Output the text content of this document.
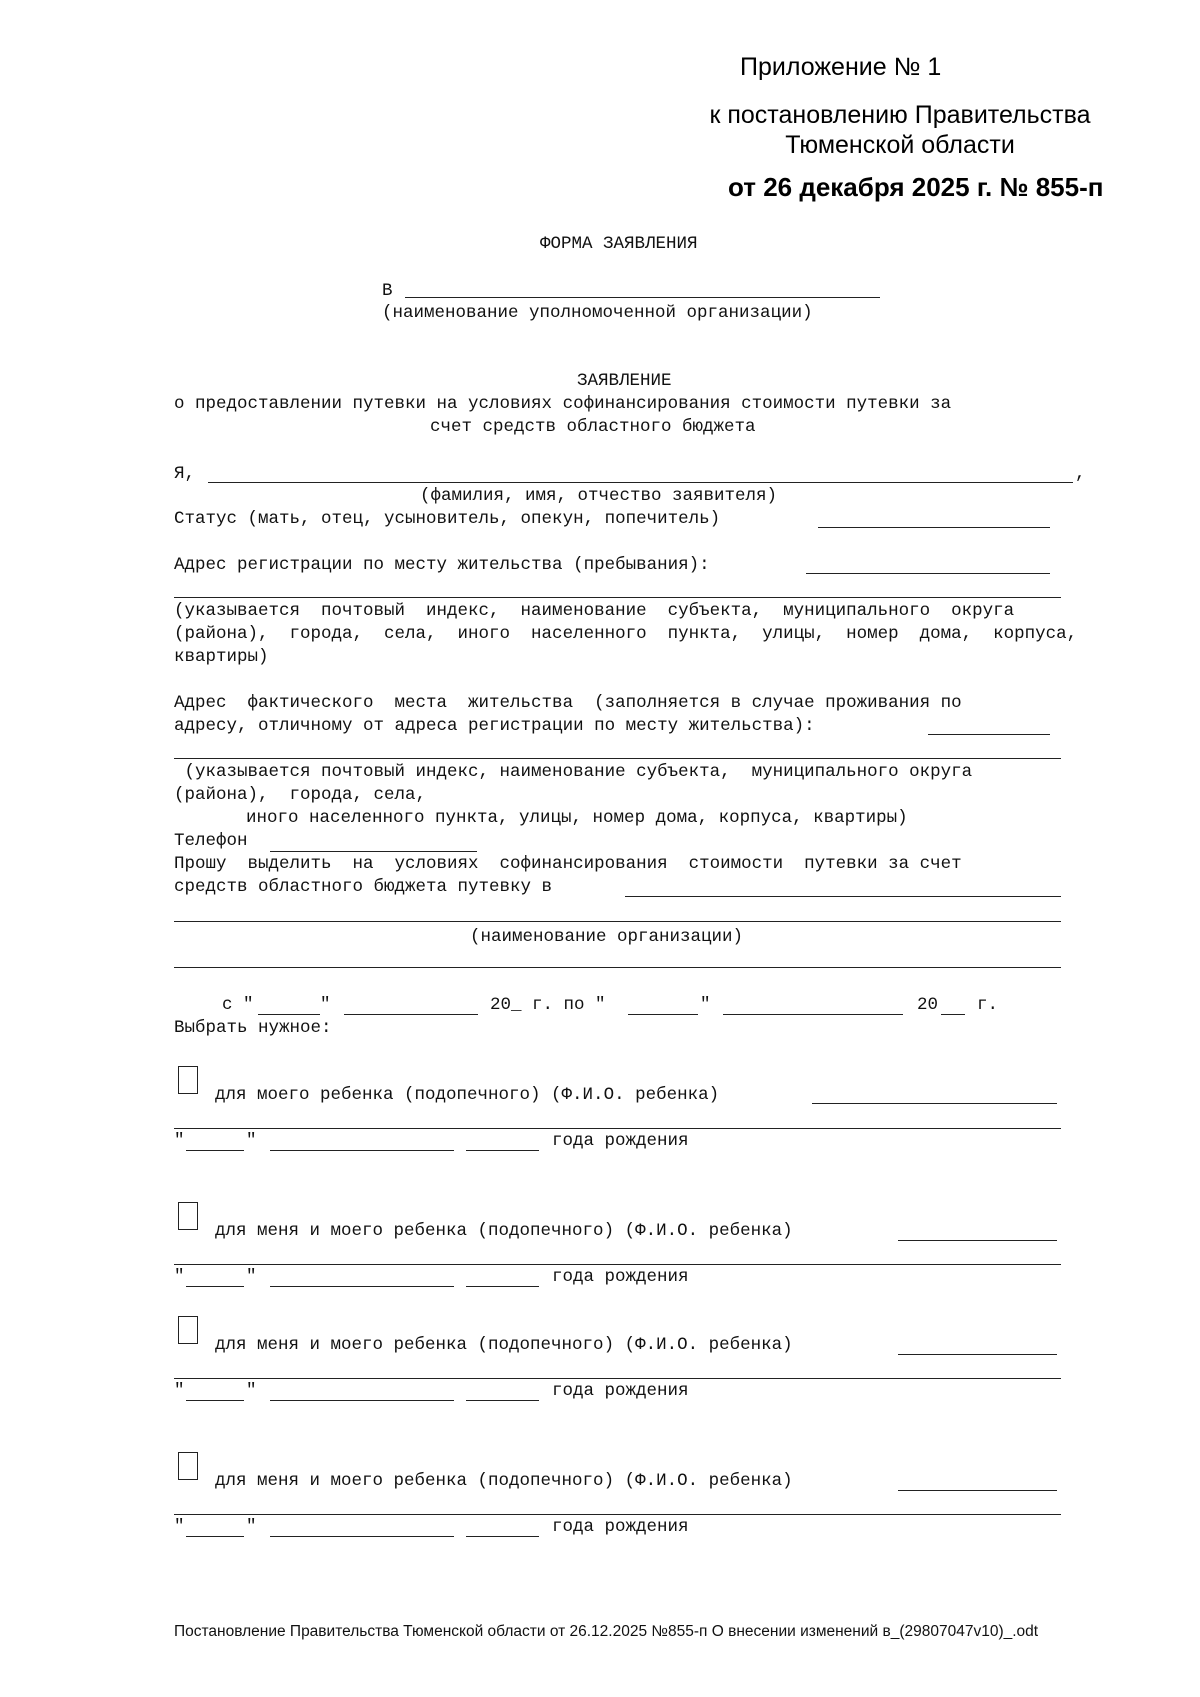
Приложение № 1
к постановлению Правительства
Тюменской области
от 26 декабря 2025 г. № 855-п
ФОРМА ЗАЯВЛЕНИЯ
В
(наименование уполномоченной организации)
ЗАЯВЛЕНИЕ
о предоставлении путевки на условиях софинансирования стоимости путевки за
счет средств областного бюджета
Я,	,
(фамилия, имя, отчество заявителя)
Статус (мать, отец, усыновитель, опекун, попечитель)
Адрес регистрации по месту жительства (пребывания):
(указывается  почтовый  индекс,  наименование  субъекта,  муниципального  округа
(района),  города,  села,  иного  населенного  пункта,  улицы,  номер  дома,  корпуса,
квартиры)
Адрес  фактического  места  жительства  (заполняется в случае проживания по
адресу, отличному от адреса регистрации по месту жительства):
(указывается почтовый индекс, наименование субъекта,  муниципального округа
(района),  города, села,
иного населенного пункта, улицы, номер дома, корпуса, квартиры)
Телефон
Прошу  выделить  на  условиях  софинансирования  стоимости  путевки за счет
средств областного бюджета путевку в
(наименование организации)
с "	"	20_ г. по "	"	20 г.
Выбрать нужное:
для моего ребенка (подопечного) (Ф.И.О. ребенка)
"	"	года рождения
для меня и моего ребенка (подопечного) (Ф.И.О. ребенка)
"	"	года рождения
для меня и моего ребенка (подопечного) (Ф.И.О. ребенка)
"	"	года рождения
для меня и моего ребенка (подопечного) (Ф.И.О. ребенка)
"	"	года рождения
Постановление Правительства Тюменской области от 26.12.2025 №855-п О внесении изменений в_(29807047v10)_.odt
